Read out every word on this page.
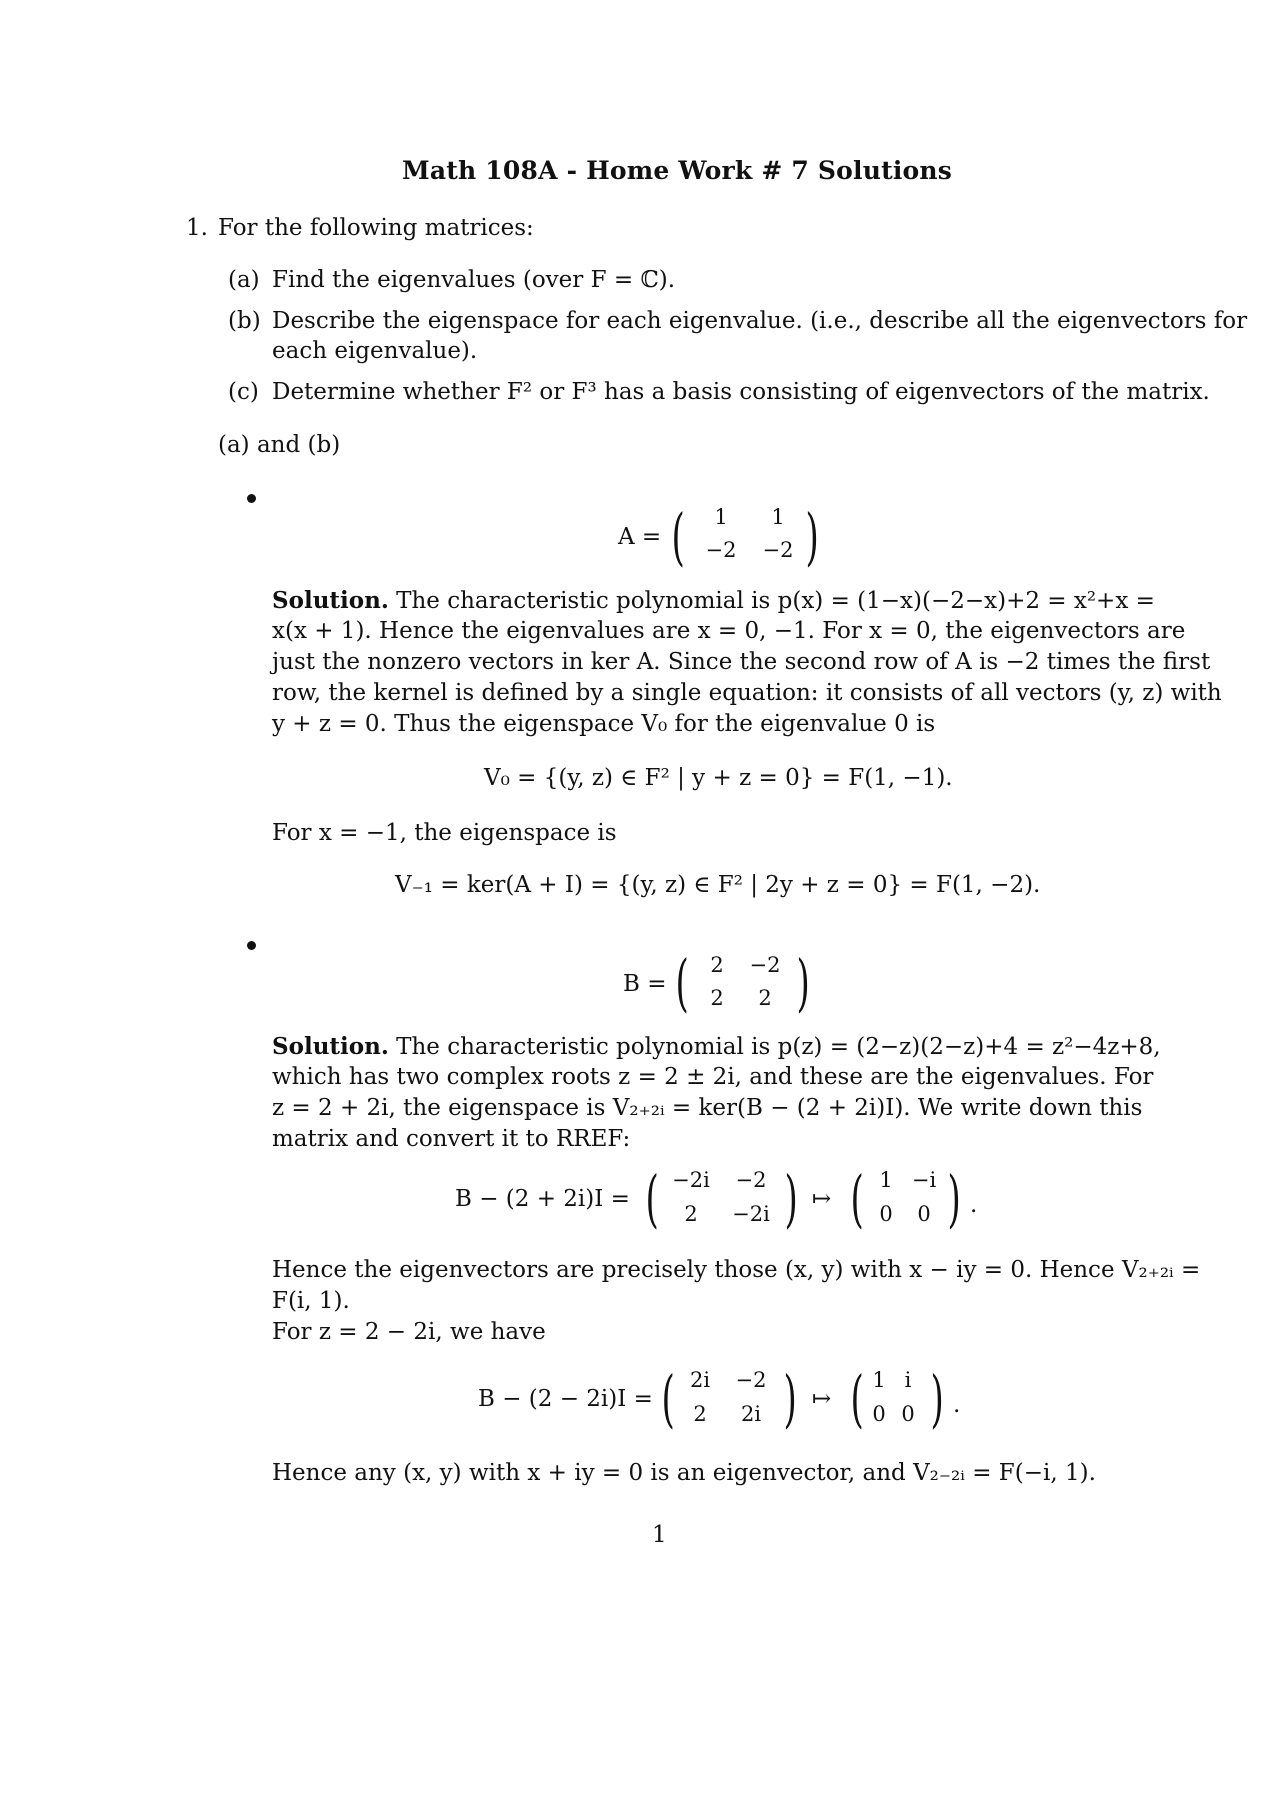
Math 108A - Home Work # 7 Solutions
1. For the following matrices:
(a) Find the eigenvalues (over F = ℂ).
(b) Describe the eigenspace for each eigenvalue. (i.e., describe all the eigenvectors for
each eigenvalue).
(c) Determine whether F² or F³ has a basis consisting of eigenvectors of the matrix.
(a) and (b)
A = (	1	1
−2 −2 )
Solution. The characteristic polynomial is p(x) = (1−x)(−2−x)+2 = x²+x =
x(x + 1). Hence the eigenvalues are x = 0, −1. For x = 0, the eigenvectors are
just the nonzero vectors in ker A. Since the second row of A is −2 times the first
row, the kernel is defined by a single equation: it consists of all vectors (y, z) with
y + z = 0. Thus the eigenspace V₀ for the eigenvalue 0 is
V₀ = {(y, z) ∈ F² | y + z = 0} = F(1, −1).
For x = −1, the eigenspace is
V₋₁ = ker(A + I) = {(y, z) ∈ F² | 2y + z = 0} = F(1, −2).
B = (	2	−2
2	2 )
Solution. The characteristic polynomial is p(z) = (2−z)(2−z)+4 = z²−4z+8,
which has two complex roots z = 2 ± 2i, and these are the eigenvalues. For
z = 2 + 2i, the eigenspace is V₂₊₂ᵢ = ker(B − (2 + 2i)I). We write down this
matrix and convert it to RREF:
B − (2 + 2i)I = ( −2i −2
2	−2i ) ↦ ( 1 −i
0	0 ) .
Hence the eigenvectors are precisely those (x, y) with x − iy = 0. Hence V₂₊₂ᵢ =
F(i, 1).
For z = 2 − 2i, we have
B − (2 − 2i)I = ( 2i	−2
2	2i ) ↦ ( 1 i
0 0 ) .
Hence any (x, y) with x + iy = 0 is an eigenvector, and V₂₋₂ᵢ = F(−i, 1).
1
